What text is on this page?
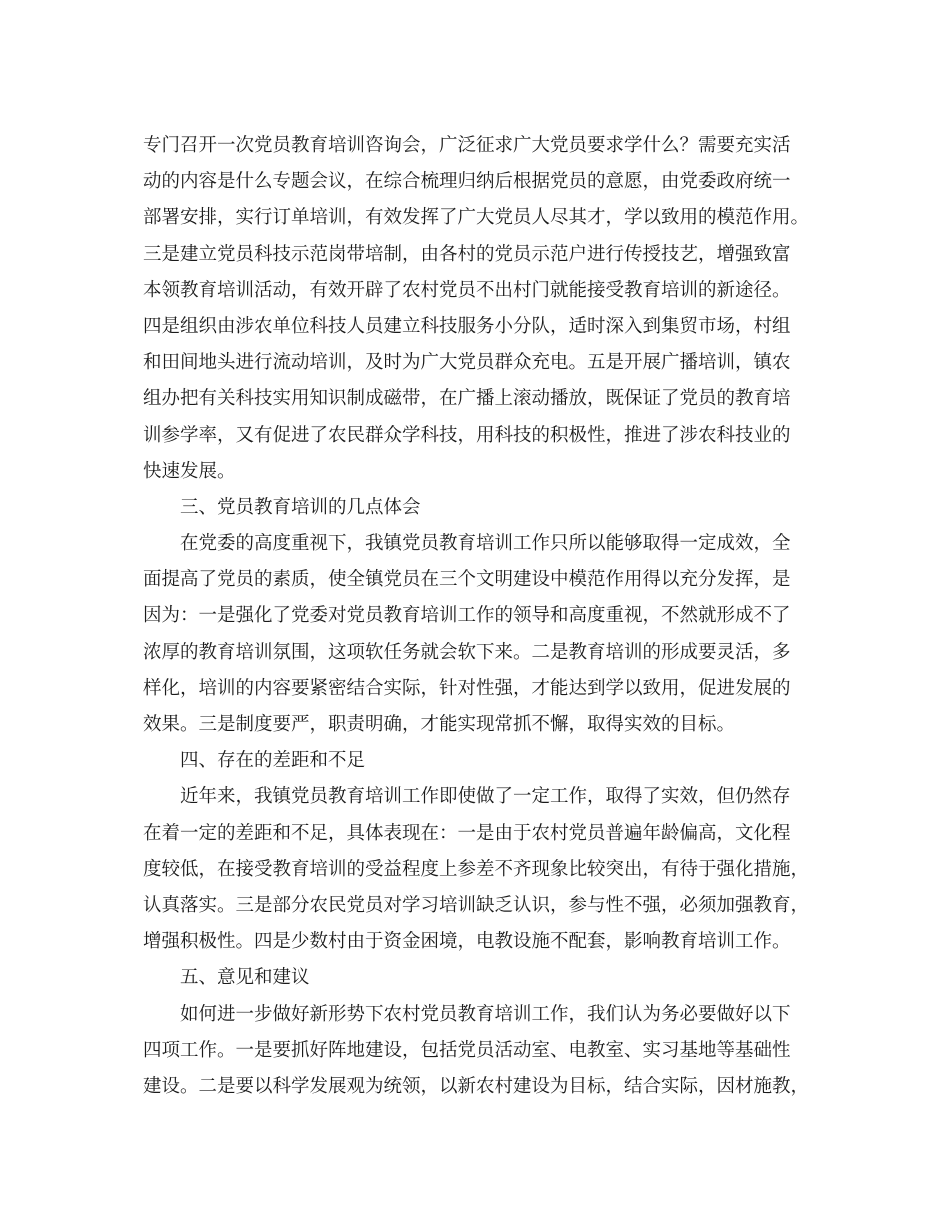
专门召开一次党员教育培训咨询会，广泛征求广大党员要求学什么？需要充实活
动的内容是什么专题会议，在综合梳理归纳后根据党员的意愿，由党委政府统一
部署安排，实行订单培训，有效发挥了广大党员人尽其才，学以致用的模范作用。
三是建立党员科技示范岗带培制，由各村的党员示范户进行传授技艺，增强致富
本领教育培训活动，有效开辟了农村党员不出村门就能接受教育培训的新途径。
四是组织由涉农单位科技人员建立科技服务小分队，适时深入到集贸市场，村组
和田间地头进行流动培训，及时为广大党员群众充电。五是开展广播培训，镇农
组办把有关科技实用知识制成磁带，在广播上滚动播放，既保证了党员的教育培
训参学率，又有促进了农民群众学科技，用科技的积极性，推进了涉农科技业的
快速发展。
三、党员教育培训的几点体会
在党委的高度重视下，我镇党员教育培训工作只所以能够取得一定成效，全
面提高了党员的素质，使全镇党员在三个文明建设中模范作用得以充分发挥，是
因为：一是强化了党委对党员教育培训工作的领导和高度重视，不然就形成不了
浓厚的教育培训氛围，这项软任务就会软下来。二是教育培训的形成要灵活，多
样化，培训的内容要紧密结合实际，针对性强，才能达到学以致用，促进发展的
效果。三是制度要严，职责明确，才能实现常抓不懈，取得实效的目标。
四、存在的差距和不足
近年来，我镇党员教育培训工作即使做了一定工作，取得了实效，但仍然存
在着一定的差距和不足，具体表现在：一是由于农村党员普遍年龄偏高，文化程
度较低，在接受教育培训的受益程度上参差不齐现象比较突出，有待于强化措施，
认真落实。三是部分农民党员对学习培训缺乏认识，参与性不强，必须加强教育，
增强积极性。四是少数村由于资金困境，电教设施不配套，影响教育培训工作。
五、意见和建议
如何进一步做好新形势下农村党员教育培训工作，我们认为务必要做好以下
四项工作。一是要抓好阵地建设，包括党员活动室、电教室、实习基地等基础性
建设。二是要以科学发展观为统领，以新农村建设为目标，结合实际，因材施教，
